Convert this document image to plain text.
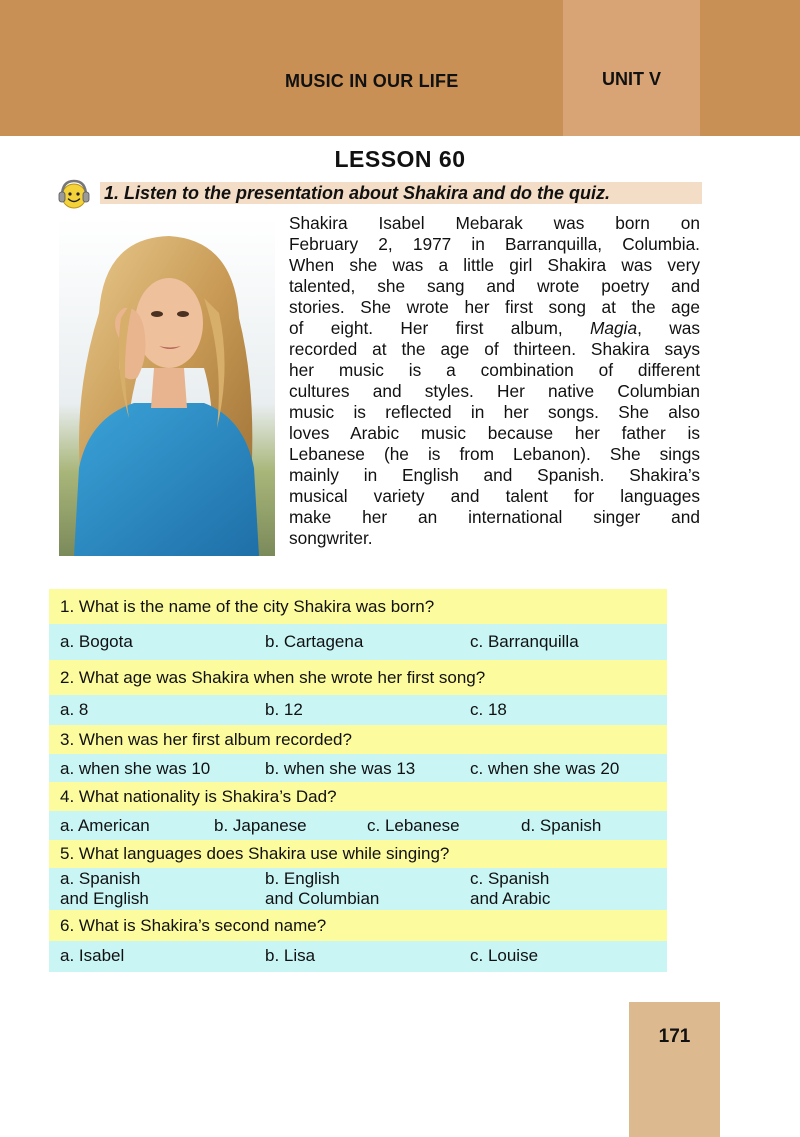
MUSIC IN OUR LIFE	UNIT V
LESSON 60
1. Listen to the presentation about Shakira and do the quiz.
Shakira Isabel Mebarak was born on
February 2, 1977 in Barranquilla, Columbia.
When she was a little girl Shakira was very
talented, she sang and wrote poetry and
stories. She wrote her first song at the age
of eight. Her first album, Magia, was
recorded at the age of thirteen. Shakira says
her music is a combination of different
cultures and styles. Her native Columbian
music is reflected in her songs. She also
loves Arabic music because her father is
Lebanese (he is from Lebanon). She sings
mainly in English and Spanish. Shakira’s
musical variety and talent for languages
make her an international singer and
songwriter.
1. What is the name of the city Shakira was born?
a. Bogota	b. Cartagena	c. Barranquilla
2. What age was Shakira when she wrote her first song?
a. 8	b. 12	c. 18
3. When was her first album recorded?
a. when she was 10	b. when she was 13	c. when she was 20
4. What nationality is Shakira’s Dad?
a. American	b. Japanese	c. Lebanese	d. Spanish
5. What languages does Shakira use while singing?
a. Spanish
and English
b. English
and Columbian
c. Spanish
and Arabic
6. What is Shakira’s second name?
a. Isabel	b. Lisa	c. Louise
171
